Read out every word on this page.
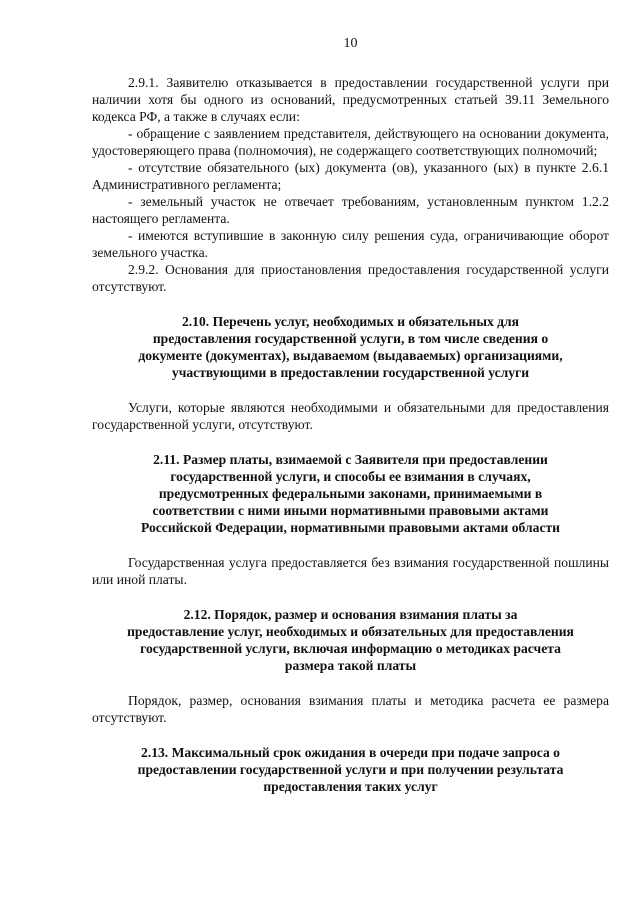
10

2.9.1. Заявителю отказывается в предоставлении государственной услуги при наличии хотя бы одного из оснований, предусмотренных статьей 39.11 Земельного кодекса РФ, а также в случаях если:

- обращение с заявлением представителя, действующего на основании документа, удостоверяющего права (полномочия), не содержащего соответствующих полномочий;

- отсутствие обязательного (ых) документа (ов), указанного (ых) в пункте 2.6.1 Административного регламента;

- земельный участок не отвечает требованиям, установленным пунктом 1.2.2 настоящего регламента.

- имеются вступившие в законную силу решения суда, ограничивающие оборот земельного участка.

2.9.2. Основания для приостановления предоставления государственной услуги отсутствуют.

2.10. Перечень услуг, необходимых и обязательных для
предоставления государственной услуги, в том числе сведения о
документе (документах), выдаваемом (выдаваемых) организациями,
участвующими в предоставлении государственной услуги

Услуги, которые являются необходимыми и обязательными для предоставления государственной услуги, отсутствуют.

2.11. Размер платы, взимаемой с Заявителя при предоставлении
государственной услуги, и способы ее взимания в случаях,
предусмотренных федеральными законами, принимаемыми в
соответствии с ними иными нормативными правовыми актами
Российской Федерации, нормативными правовыми актами области

Государственная услуга предоставляется без взимания государственной пошлины или иной платы.

2.12. Порядок, размер и основания взимания платы за
предоставление услуг, необходимых и обязательных для предоставления
государственной услуги, включая информацию о методиках расчета
размера такой платы

Порядок, размер, основания взимания платы и методика расчета ее размера отсутствуют.

2.13. Максимальный срок ожидания в очереди при подаче запроса о
предоставлении государственной услуги и при получении результата
предоставления таких услуг
